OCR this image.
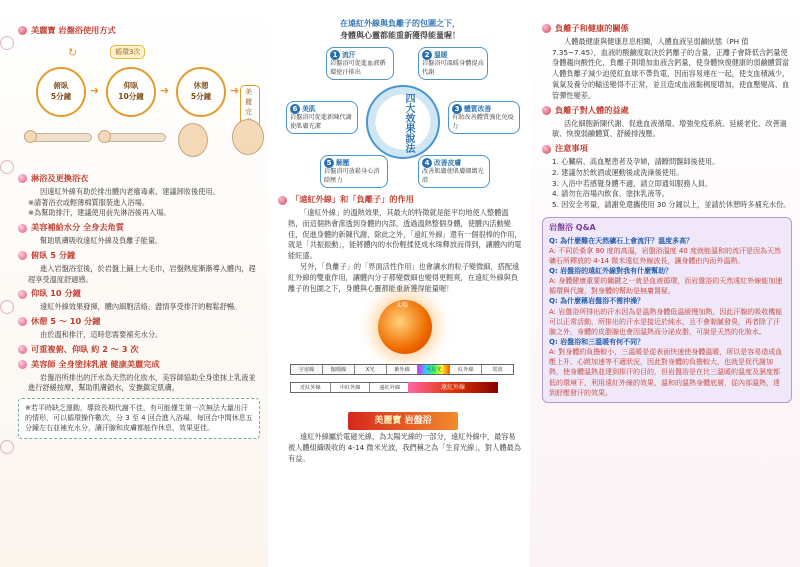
美麗寶 岩盤浴使用方式
循環3次
↻
俯臥
5分鐘 ➜	仰臥
10分鐘 ➜	休憩
5分鐘 ➜ 美麗完
淋浴及更換浴衣
因遠紅外線有助於排出體內老廢毒素，建議卸妝後使用。
※請著浴衣或輕薄棉質服裝進入浴場。
※為幫助排汗，建議使用前先淋浴後再入場。
美容補給水分 全身去角質
幫助肌膚吸收遠紅外線及負離子能量。
俯臥 5 分鐘
進入岩盤浴室後，於岩盤上鋪上大毛巾，岩盤熱度漸漸導入體內，趕趕享受溫度舒適感。
仰臥 10 分鐘
遠紅外線效果發揮，體內細胞活絡，盡情享受排汗的輕鬆舒暢。
休憩 5 ～ 10 分鐘
由於溫和排汗，這時您需要補充水分。
可重複俯、仰臥 約 2 ～ 3 次
美容師 全身塗抹乳液 健康美麗完成
岩盤浴所排出的汗水為天然的化妝水，美容師協助全身塗抹上乳液並進行舒緩按摩，幫助肌膚鎖水，安撫鎮定肌膚。
※若平時缺乏運動，導致長期代謝不佳，有可能僅生第一次無法大量出汗的情形，可以循環操作數次，分 3 至 4 回合進入浴場，每回合中間休息五分鐘左右並補充水分，讓汗腺和皮膚都能作休息，效果更佳。
在遠紅外線與負離子的包圍之下，
身體與心靈都能重新獲得能量喔！
四大效果說法
1 流汗
岩盤浴可促進血液循環使汗排出
2 溫暖
岩盤浴可溫暖身體提高代謝
3 體質改善
有助改善體質強化免疫力
4 改善皮膚
改善肌膚使肌膚細緻光滑
5 解壓
岩盤浴可放鬆身心消除壓力
6 美肌
岩盤浴可促進新陳代謝使肌膚光潔
「遠紅外線」和「負離子」的作用
「遠紅外線」的溫熱效果，其最大的特徵就是能平均地使人整體溫熱，而這個熱會滲透到身體的內部，透過溫熱整個身體，使體內活動變佳，促進身體的新陳代謝，除此之外，「遠紅外線」還有一個很棒的作用，就是「共振振動」，能將體內的水份輕揉使成水珠釋放而得到，讓體內的電能旺盛。
另外，「負離子」的「界面活性作用」也會讓水的粒子變微細，搭配遠紅外線的雙重作用，讓體內分子都變微細也變得更輕爽，在遠紅外線與負離子的包圍之下，身體與心靈都能重新獲得能量喔！
太陽
宇宙線	伽瑪線	X光	紫外線	可見光	紅外線	電波
近紅外線	中紅外線	遠紅外線	遠紅外線
美麗寶 岩盤浴
遠紅外線屬於電磁光線，為太陽光線的一部分，遠紅外線中，最容易被人體組織吸收的 4-14 微米光波，我們稱之為「生育光線」，對人體最為有益。
負離子和健康的關係
人體最健康與健康息息相關，人體血液呈弱鹼狀態（PH 值 7.35~7.45），血液的酸鹼度取決於鈣離子的含量，正離子會降低含鈣量使身體趨向酸性化，負離子則增加血液含鈣量，使身體恢復健康的弱鹼體質當人體負離子減少迫使紅血球不帶負電，因而容易連在一起，使支血積減少，氧氣及養分的輸送變得不正常，並且造成血液黏稠度增加，使血壓變高、血管彈性變差。
負離子對人體的益處
活化細胞新陳代謝、促進血液循環、增強免疫系統、延緩老化、改善過敏、恢復弱鹼體質、舒緩排洩壓。
注意事項
1. 心臟病、高血壓患者及孕婦，請瞭問醫師後使用。
2. 建議勿於飲酒或運動後或洗澡後使用。
3. 入浴中若感覺身體不適，請立即通知服務人員。
4. 請勿在浴場內飲食、塗抹乳液等。
5. 因安全考量，請謝免還攜使用 30 分鐘以上，並請於休憩時多補充水份。
岩盤浴 Q&A
Q: 為什麼難在天然礦石上會流汗？溫度多高？
A: 不同於桑拿 80 度的高溫，岩盤浴溫度 40 度就能溫和的流汗是因為天然礦石所釋放的 4-14 微米遠紅外線波長，讓身體由內而外溫熱。
Q: 岩盤浴的遠紅外線對我有什麼幫助？
A: 身體健康重要的關鍵之一就是血液循環，而岩盤浴的天然遠紅外線能加速循環與代謝，對身體的幫助是無庸置疑。
Q: 為什麼稱岩盤浴不需沖澡？
A: 岩盤浴所排出的汗水因為是溫熱身體低溫緩慢加熱，因此汗腺的吸收機能可以正常活動，所排出的汗水是接近於純水，且不會黏膩發臭，再者除了汗腺之外，身體的皮脂腺也會因溫熱而分泌皮脂，可說是天然的化妝水。
Q: 岩盤浴和三溫暖有何不同？
A: 對身體的負擔較小，三溫暖是從表面快速使身體溫暖，所以是容易造成血壓上升、心跳加速等不適狀況，因此對身體的負擔較大，也就是促代謝加熱，使身體溫熱並達到排汗的目的，但岩盤浴是在比三溫暖的溫度及濕度都低的環境下，利用遠紅外線的效果，溫和的溫熱身體底層，從內部溫熱，達到舒壓發汗的效果。
